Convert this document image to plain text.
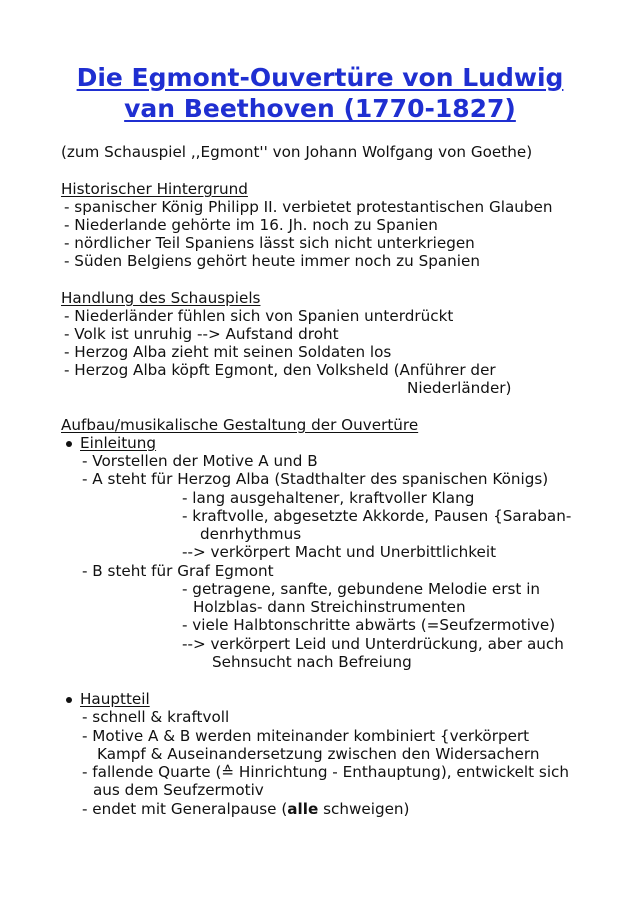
Die Egmont-Ouvertüre von Ludwig
van Beethoven (1770-1827)
(zum Schauspiel ,,Egmont'' von Johann Wolfgang von Goethe)
Historischer Hintergrund
- spanischer König Philipp II. verbietet protestantischen Glauben
- Niederlande gehörte im 16. Jh. noch zu Spanien
- nördlicher Teil Spaniens lässt sich nicht unterkriegen
- Süden Belgiens gehört heute immer noch zu Spanien
Handlung des Schauspiels
- Niederländer fühlen sich von Spanien unterdrückt
- Volk ist unruhig --> Aufstand droht
- Herzog Alba zieht mit seinen Soldaten los
- Herzog Alba köpft Egmont, den Volksheld (Anführer der
Niederländer)
Aufbau/musikalische Gestaltung der Ouvertüre
Einleitung
- Vorstellen der Motive A und B
- A steht für Herzog Alba (Stadthalter des spanischen Königs)
- lang ausgehaltener, kraftvoller Klang
- kraftvolle, abgesetzte Akkorde, Pausen {Saraban-
denrhythmus
--> verkörpert Macht und Unerbittlichkeit
- B steht für Graf Egmont
- getragene, sanfte, gebundene Melodie erst in
Holzblas- dann Streichinstrumenten
- viele Halbtonschritte abwärts (=Seufzermotive)
--> verkörpert Leid und Unterdrückung, aber auch
Sehnsucht nach Befreiung
Hauptteil
- schnell & kraftvoll
- Motive A & B werden miteinander kombiniert {verkörpert
Kampf & Auseinandersetzung zwischen den Widersachern
- fallende Quarte (≙ Hinrichtung - Enthauptung), entwickelt sich
aus dem Seufzermotiv
- endet mit Generalpause (alle schweigen)
